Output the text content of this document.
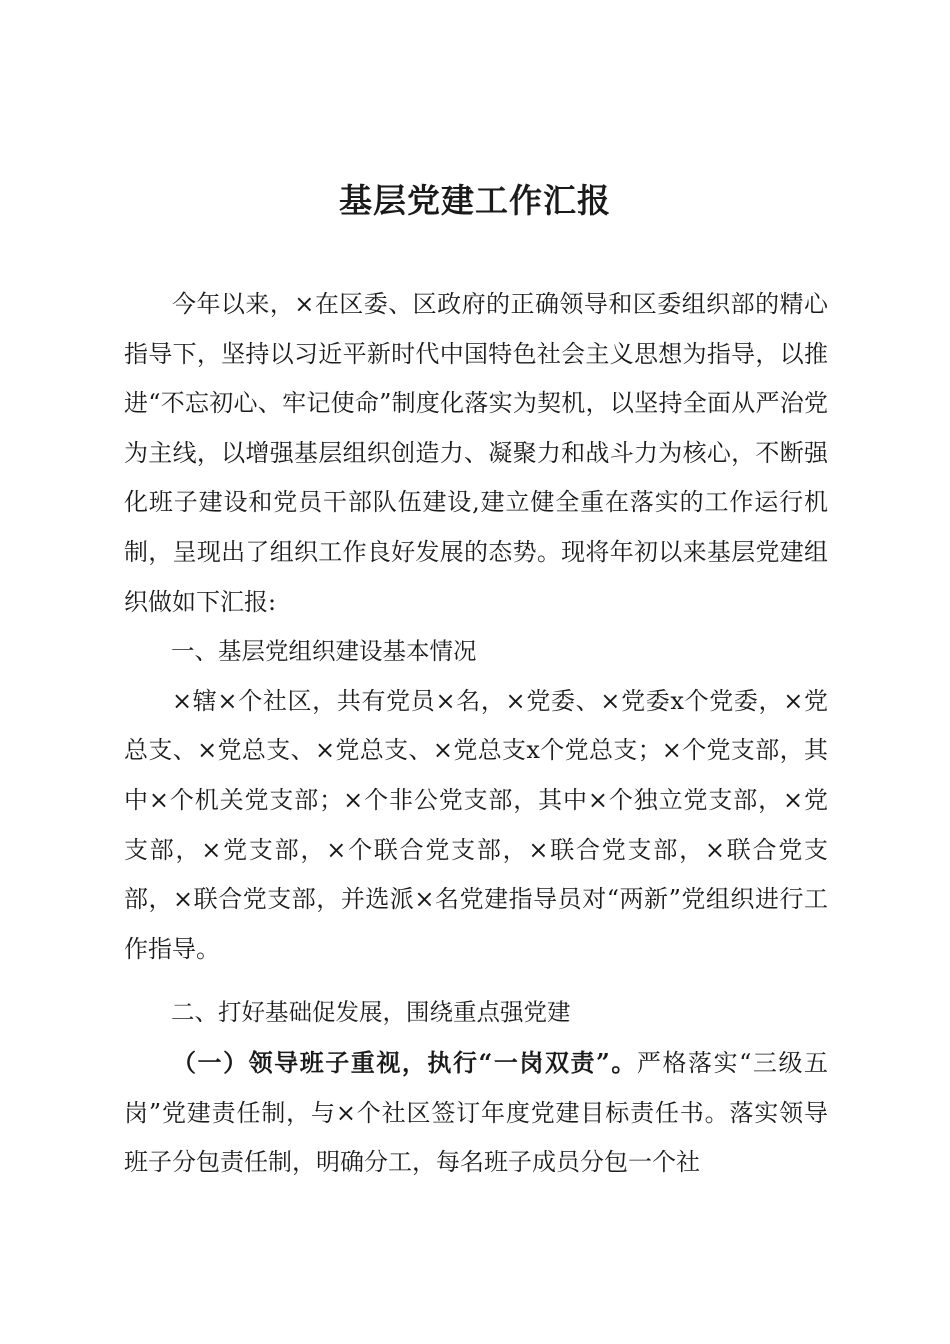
基层党建工作汇报

今年以来，×在区委、区政府的正确领导和区委组织部的精心指导下，坚持以习近平新时代中国特色社会主义思想为指导，以推进“不忘初心、牢记使命”制度化落实为契机，以坚持全面从严治党为主线，以增强基层组织创造力、凝聚力和战斗力为核心，不断强化班子建设和党员干部队伍建设,建立健全重在落实的工作运行机制，呈现出了组织工作良好发展的态势。现将年初以来基层党建组织做如下汇报:

一、基层党组织建设基本情况

×辖×个社区，共有党员×名，×党委、×党委x个党委，×党总支、×党总支、×党总支、×党总支x个党总支；×个党支部，其中×个机关党支部；×个非公党支部，其中×个独立党支部，×党支部，×党支部，×个联合党支部，×联合党支部，×联合党支部，×联合党支部，并选派×名党建指导员对“两新”党组织进行工作指导。

二、打好基础促发展，围绕重点强党建

（一）领导班子重视，执行“一岗双责”。严格落实“三级五岗”党建责任制，与×个社区签订年度党建目标责任书。落实领导班子分包责任制，明确分工，每名班子成员分包一个社
